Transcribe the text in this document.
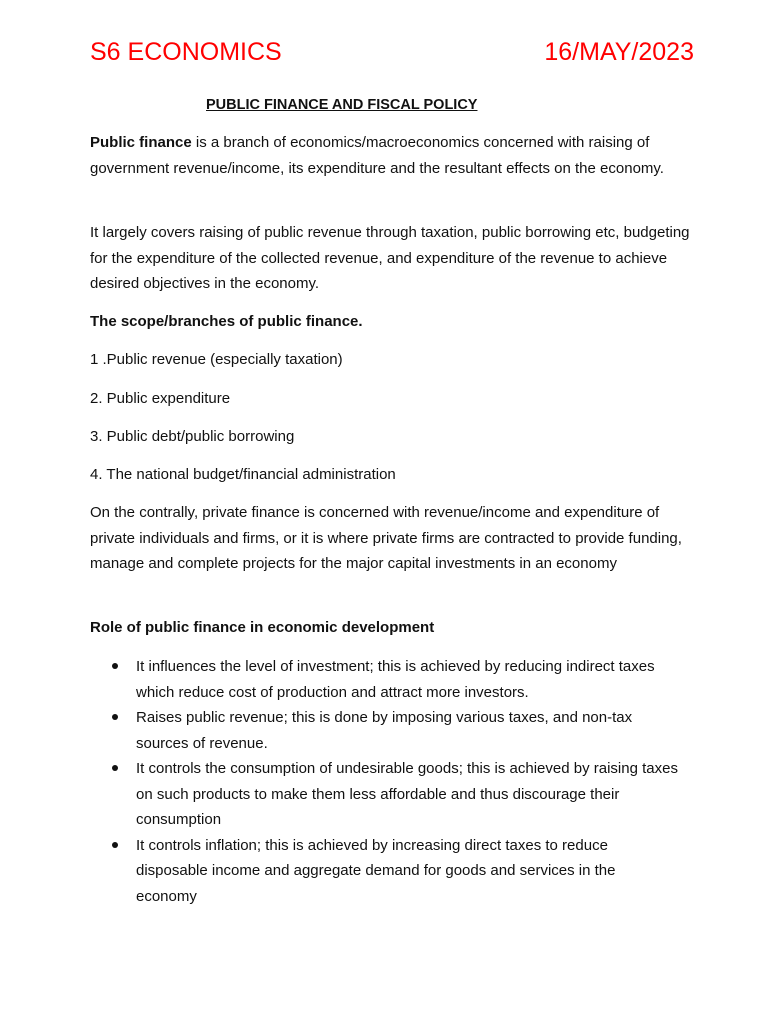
S6 ECONOMICS	16/MAY/2023
PUBLIC FINANCE AND FISCAL POLICY

Public finance is a branch of economics/macroeconomics concerned with raising of government revenue/income, its expenditure and the resultant effects on the economy.

It largely covers raising of public revenue through taxation, public borrowing etc, budgeting for the expenditure of the collected revenue, and expenditure of the revenue to achieve desired objectives in the economy.

The scope/branches of public finance.
1 .Public revenue (especially taxation)
2. Public expenditure
3. Public debt/public borrowing
4. The national budget/financial administration

On the contrally, private finance is concerned with revenue/income and expenditure of private individuals and firms, or it is where private firms are contracted to provide funding, manage and complete projects for the major capital investments in an economy

Role of public finance in economic development
It influences the level of investment; this is achieved by reducing indirect taxes which reduce cost of production and attract more investors.
Raises public revenue; this is done by imposing various taxes, and non-tax sources of revenue.
It controls the consumption of undesirable goods; this is achieved by raising taxes on such products to make them less affordable and thus discourage their consumption
It controls inflation; this is achieved by increasing direct taxes to reduce disposable income and aggregate demand for goods and services in the economy
